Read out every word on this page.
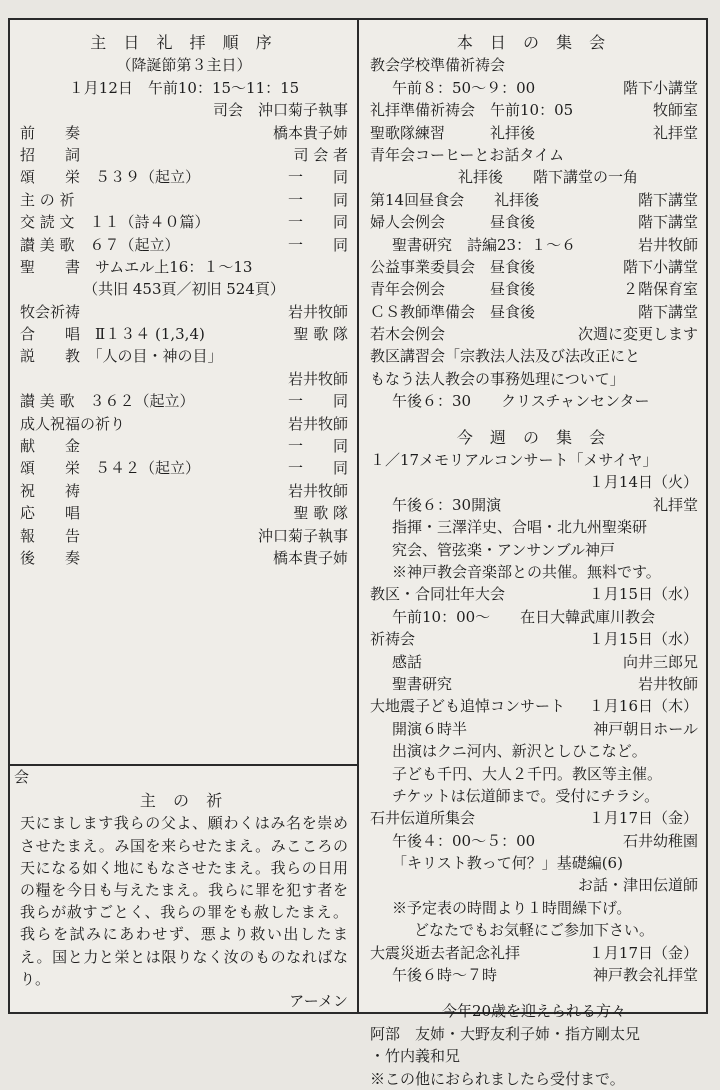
会
主 日 礼 拝 順 序
（降誕節第３主日）
１月12日　午前10：15〜11：15
司会　沖口菊子執事
前　　奏	橋本貴子姉
招　　詞	司 会 者
頌　　栄　５３９（起立）	一　　同
主 の 祈	一　　同
交 読 文　１１（詩４０篇）	一　　同
讃 美 歌　６７（起立）	一　　同
聖　　書　サムエル上16：１〜13
（共旧 453頁／初旧 524頁）
牧会祈祷	岩井牧師
合　　唱　Ⅱ１３４ (1,3,4)	聖 歌 隊
説　　教　「人の目・神の目」
岩井牧師
讃 美 歌　３６２（起立）	一　　同
成人祝福の祈り	岩井牧師
献　　金	一　　同
頌　　栄　５４２（起立）	一　　同
祝　　祷	岩井牧師
応　　唱	聖 歌 隊
報　　告	沖口菊子執事
後　　奏	橋本貴子姉
主 の 祈
天にまします我らの父よ、願わくはみ名を崇めさせたまえ。み国を来らせたまえ。みこころの天になる如く地にもなさせたまえ。我らの日用の糧を今日も与えたまえ。我らに罪を犯す者を我らが赦すごとく、我らの罪をも赦したまえ。我らを試みにあわせず、悪より救い出したまえ。国と力と栄とは限りなく汝のものなればなり。
アーメン
本 日 の 集 会
教会学校準備祈祷会
午前８：50〜９：00	階下小講堂
礼拝準備祈祷会　午前10：05	牧師室
聖歌隊練習　　　礼拝後	礼拝堂
青年会コーヒーとお話タイム
礼拝後　　階下講堂の一角
第14回昼食会　　礼拝後	階下講堂
婦人会例会　　　昼食後	階下講堂
聖書研究　詩編23：１〜６	岩井牧師
公益事業委員会　昼食後	階下小講堂
青年会例会　　　昼食後	２階保育室
ＣＳ教師準備会　昼食後	階下講堂
若木会例会	次週に変更します
教区講習会「宗教法人法及び法改正にと
もなう法人教会の事務処理について」
午後６：30　　クリスチャンセンター
今 週 の 集 会
１／17メモリアルコンサート「メサイヤ」
１月14日（火）
午後６：30開演	礼拝堂
指揮・三澤洋史、合唱・北九州聖楽研
究会、管弦楽・アンサンブル神戸
※神戸教会音楽部との共催。無料です。
教区・合同壮年大会	１月15日（水）
午前10：00〜　　在日大韓武庫川教会
祈祷会	１月15日（水）
感話	向井三郎兄
聖書研究	岩井牧師
大地震子ども追悼コンサート １月16日（木）
開演６時半	神戸朝日ホール
出演はクニ河内、新沢としひこなど。
子ども千円、大人２千円。教区等主催。
チケットは伝道師まで。受付にチラシ。
石井伝道所集会	１月17日（金）
午後４：00〜５：00	石井幼稚園
「キリスト教って何？」基礎編(6)
お話・津田伝道師
※予定表の時間より１時間繰下げ。
どなたでもお気軽にご参加下さい。
大震災逝去者記念礼拝	１月17日（金）
午後６時〜７時	神戸教会礼拝堂
今年20歳を迎えられる方々
阿部　友姉・大野友利子姉・指方剛太兄
・竹内義和兄
※この他におられましたら受付まで。
